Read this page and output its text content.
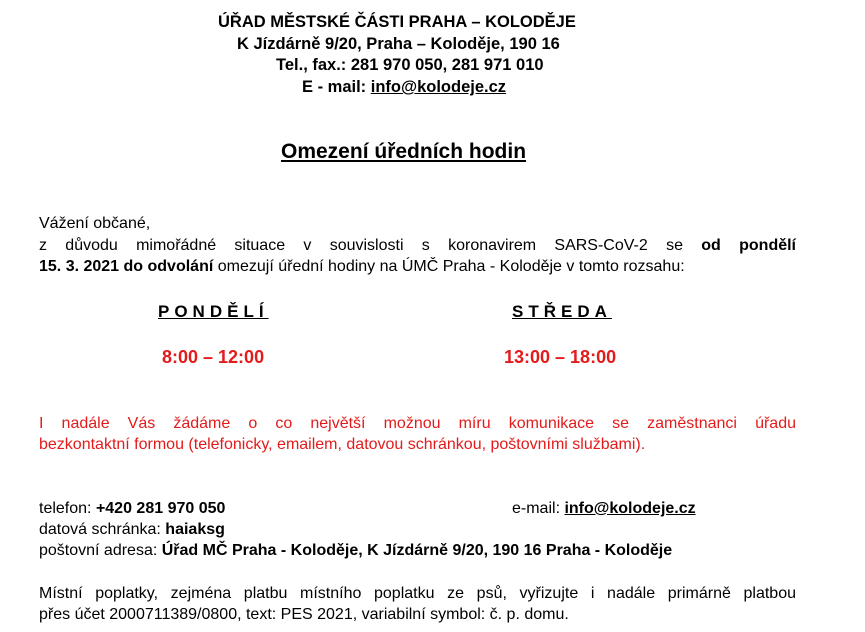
ÚŘAD MĚSTSKÉ ČÁSTI PRAHA – KOLODĚJE
K Jízdárně 9/20, Praha – Koloděje, 190 16
Tel., fax.: 281 970 050, 281 971 010
E - mail: info@kolodeje.cz
Omezení úředních hodin
Vážení občané,
z důvodu mimořádné situace v souvislosti s koronavirem SARS-CoV-2 se od pondělí
15. 3. 2021 do odvolání omezují úřední hodiny na ÚMČ Praha - Koloděje v tomto rozsahu:
PONDĚLÍ	STŘEDA
8:00 – 12:00	13:00 – 18:00
I nadále Vás žádáme o co největší možnou míru komunikace se zaměstnanci úřadu
bezkontaktní formou (telefonicky, emailem, datovou schránkou, poštovními službami).
telefon: +420 281 970 050	e-mail: info@kolodeje.cz
datová schránka: haiaksg
poštovní adresa: Úřad MČ Praha - Koloděje, K Jízdárně 9/20, 190 16 Praha - Koloděje
Místní poplatky, zejména platbu místního poplatku ze psů, vyřizujte i nadále primárně platbou
přes účet 2000711389/0800, text: PES 2021, variabilní symbol: č. p. domu.
